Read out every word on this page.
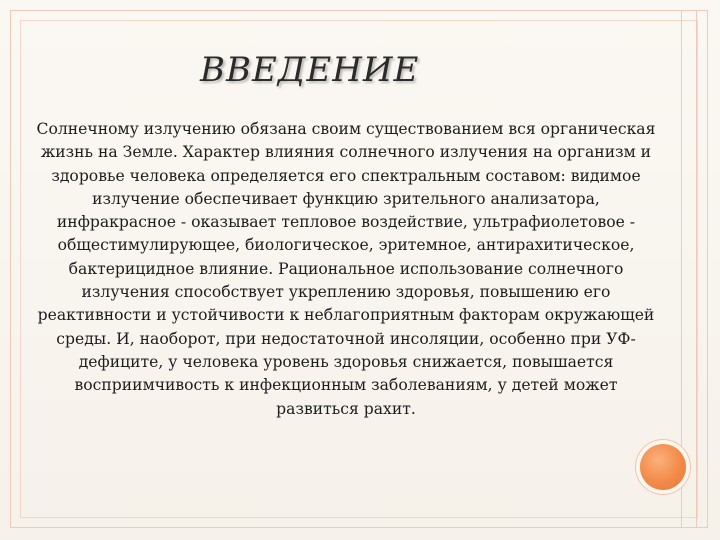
ВВЕДЕНИЕ
Солнечному излучению обязана своим существованием вся органическая жизнь на Земле. Характер влияния солнечного излучения на организм и здоровье человека определяется его спектральным составом: видимое излучение обеспечивает функцию зрительного анализатора, инфракрасное - оказывает тепловое воздействие, ультрафиолетовое - общестимулирующее, биологическое, эритемное, антирахитическое, бактерицидное влияние. Рациональное использование солнечного излучения способствует укреплению здоровья, повышению его реактивности и устойчивости к неблагоприятным факторам окружающей среды. И, наоборот, при недостаточной инсоляции, особенно при УФ-дефиците, у человека уровень здоровья снижается, повышается восприимчивость к инфекционным заболеваниям, у детей может развиться рахит.
